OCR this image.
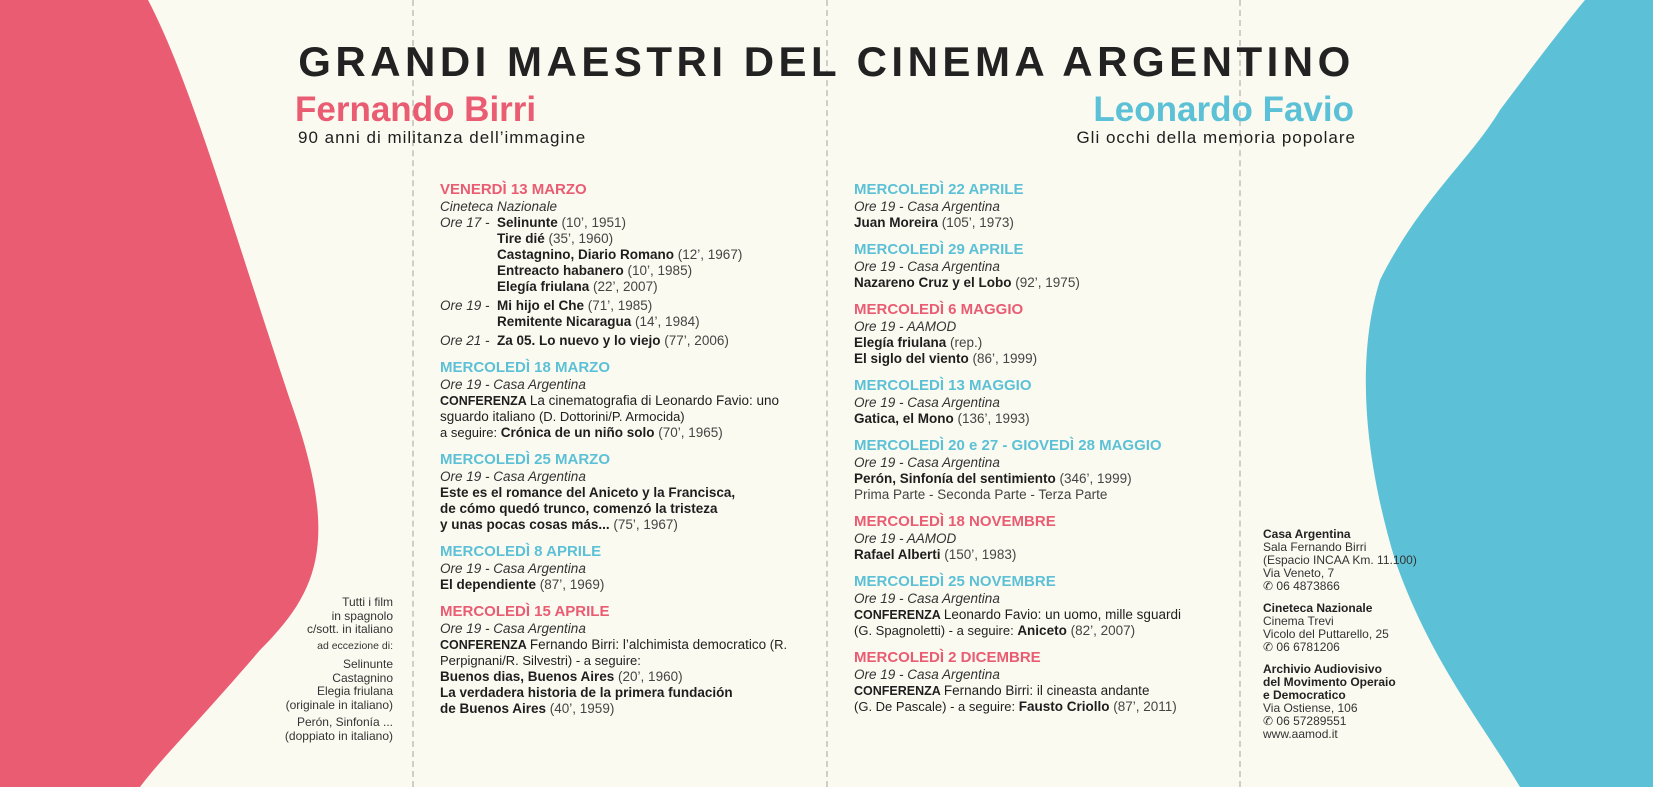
GRANDI MAESTRI DEL CINEMA ARGENTINO
Fernando Birri
90 anni di militanza dell’immagine
Leonardo Favio
Gli occhi della memoria popolare
VENERDÌ 13 MARZO
Cineteca Nazionale
Ore 17 - Selinunte (10’, 1951)
Tire dié (35’, 1960)
Castagnino, Diario Romano (12’, 1967)
Entreacto habanero (10’, 1985)
Elegía friulana (22’, 2007)
Ore 19 - Mi hijo el Che (71’, 1985)
Remitente Nicaragua (14’, 1984)
Ore 21 - Za 05. Lo nuevo y lo viejo (77’, 2006)
MERCOLEDÌ 18 MARZO
Ore 19 - Casa Argentina
CONFERENZA La cinematografia di Leonardo Favio: uno sguardo italiano (D. Dottorini/P. Armocida)
a seguire: Crónica de un niño solo (70’, 1965)
MERCOLEDÌ 25 MARZO
Ore 19 - Casa Argentina
Este es el romance del Aniceto y la Francisca,
de cómo quedó trunco, comenzó la tristeza
y unas pocas cosas más... (75’, 1967)
MERCOLEDÌ 8 APRILE
Ore 19 - Casa Argentina
El dependiente (87’, 1969)
MERCOLEDÌ 15 APRILE
Ore 19 - Casa Argentina
CONFERENZA Fernando Birri: l’alchimista democratico (R. Perpignani/R. Silvestri) - a seguire:
Buenos dias, Buenos Aires (20’, 1960)
La verdadera historia de la primera fundación
de Buenos Aires (40’, 1959)
MERCOLEDÌ 22 APRILE
Ore 19 - Casa Argentina
Juan Moreira (105’, 1973)
MERCOLEDÌ 29 APRILE
Ore 19 - Casa Argentina
Nazareno Cruz y el Lobo (92’, 1975)
MERCOLEDÌ 6 MAGGIO
Ore 19 - AAMOD
Elegía friulana (rep.)
El siglo del viento (86’, 1999)
MERCOLEDÌ 13 MAGGIO
Ore 19 - Casa Argentina
Gatica, el Mono (136’, 1993)
MERCOLEDÌ 20 e 27 - GIOVEDÌ 28 MAGGIO
Ore 19 - Casa Argentina
Perón, Sinfonía del sentimiento (346’, 1999)
Prima Parte - Seconda Parte - Terza Parte
MERCOLEDÌ 18 NOVEMBRE
Ore 19 - AAMOD
Rafael Alberti (150’, 1983)
MERCOLEDÌ 25 NOVEMBRE
Ore 19 - Casa Argentina
CONFERENZA Leonardo Favio: un uomo, mille sguardi
(G. Spagnoletti) - a seguire: Aniceto (82’, 2007)
MERCOLEDÌ 2 DICEMBRE
Ore 19 - Casa Argentina
CONFERENZA Fernando Birri: il cineasta andante
(G. De Pascale) - a seguire: Fausto Criollo (87’, 2011)
Tutti i film
in spagnolo
c/sott. in italiano
ad eccezione di:
Selinunte
Castagnino
Elegia friulana
(originale in italiano)
Perón, Sinfonía ...
(doppiato in italiano)
Casa Argentina
Sala Fernando Birri
(Espacio INCAA Km. 11.100)
Via Veneto, 7
✆ 06 4873866
Cineteca Nazionale
Cinema Trevi
Vicolo del Puttarello, 25
✆ 06 6781206
Archivio Audiovisivo
del Movimento Operaio
e Democratico
Via Ostiense, 106
✆ 06 57289551
www.aamod.it
